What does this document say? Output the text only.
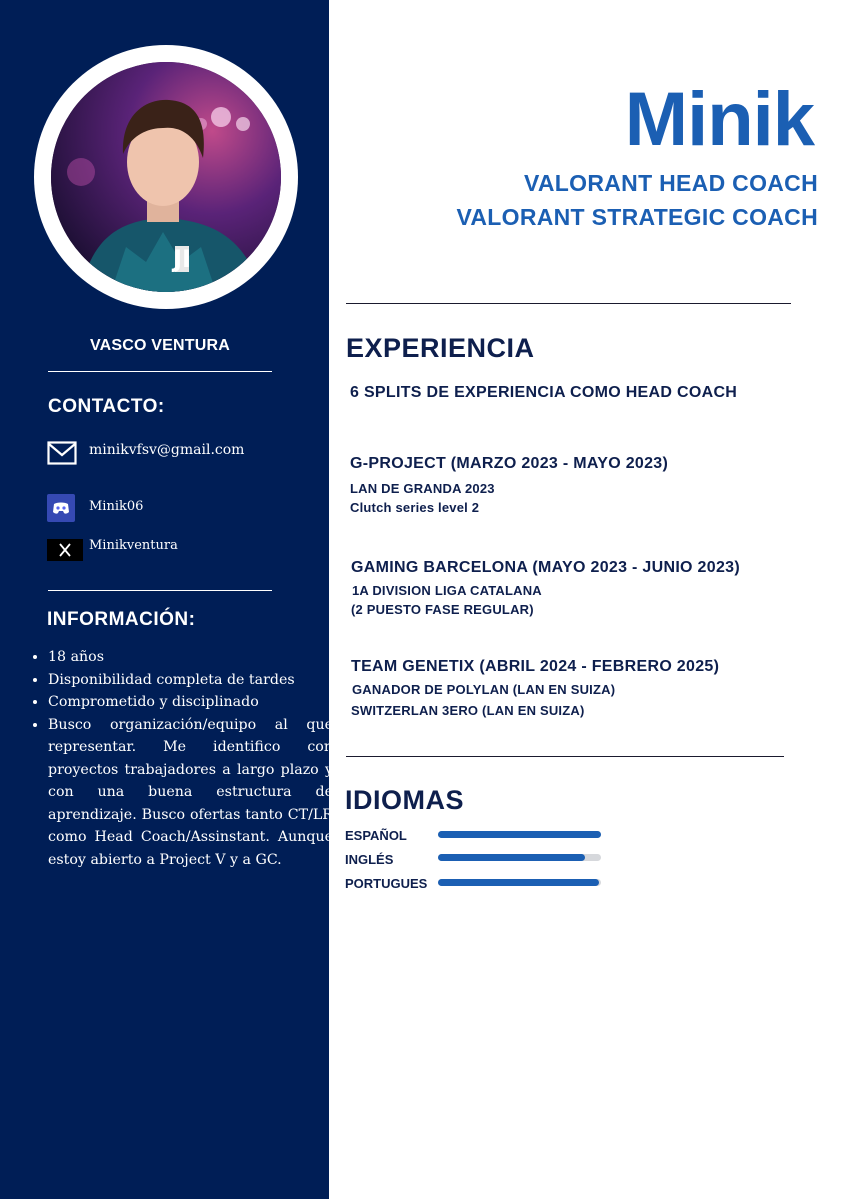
JI
VASCO VENTURA
CONTACTO:
minikvfsv@gmail.com
Minik06
Minikventura
INFORMACIÓN:
• 18 años
• Disponibilidad completa de tardes
• Comprometido y disciplinado
• Busco organización/equipo al que representar. Me identifico con proyectos trabajadores a largo plazo y con una buena estructura de aprendizaje. Busco ofertas tanto CT/LR como Head Coach/Assinstant. Aunque estoy abierto a Project V y a GC.
Minik
VALORANT HEAD COACH
VALORANT STRATEGIC COACH
EXPERIENCIA
6 SPLITS DE EXPERIENCIA COMO HEAD COACH
G-PROJECT (MARZO 2023 - MAYO 2023)
LAN DE GRANDA 2023
Clutch series level 2
GAMING BARCELONA (MAYO 2023 - JUNIO 2023)
1A DIVISION LIGA CATALANA
(2 PUESTO FASE REGULAR)
TEAM GENETIX (ABRIL 2024 - FEBRERO 2025)
GANADOR DE POLYLAN (LAN EN SUIZA)
SWITZERLAN 3ERO (LAN EN SUIZA)
IDIOMAS
ESPAÑOL
INGLÉS
PORTUGUES
